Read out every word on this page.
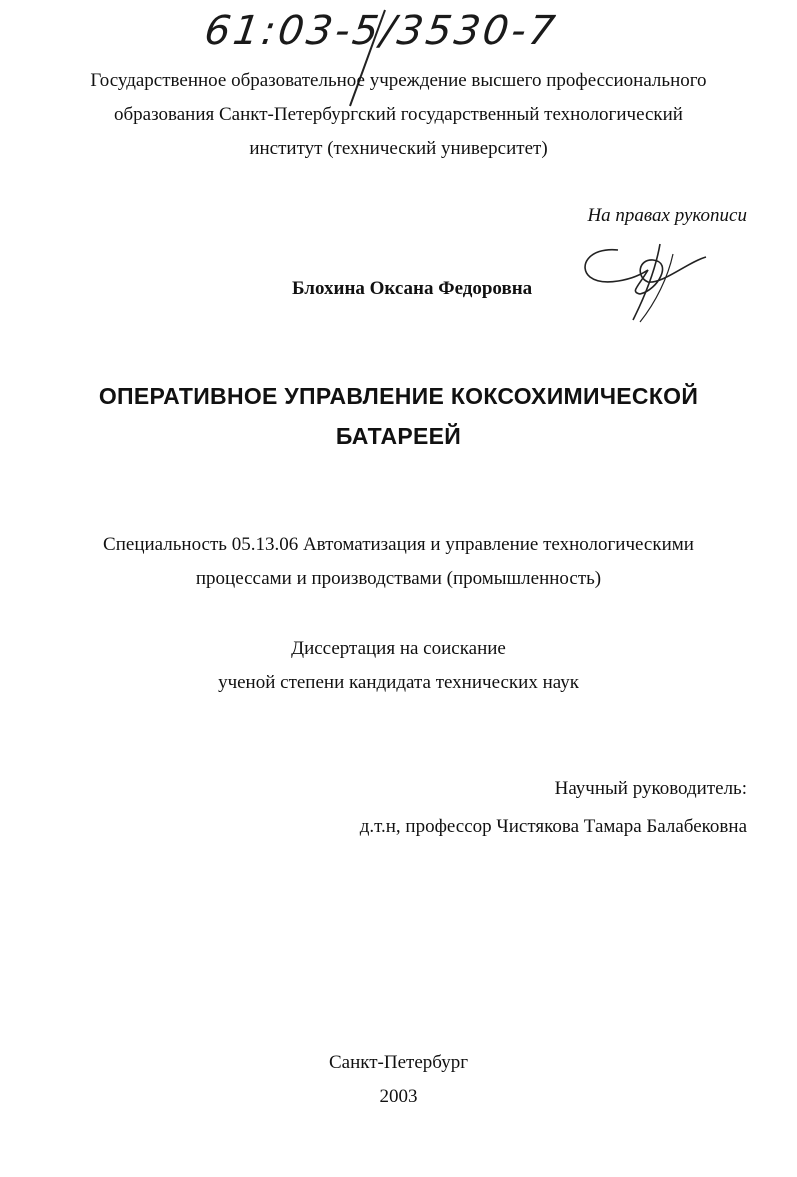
61:03-5/3530-7
Государственное образовательное учреждение высшего профессионального
образования Санкт-Петербургский государственный технологический
институт (технический университет)
На правах рукописи
Блохина Оксана Федоровна
ОПЕРАТИВНОЕ УПРАВЛЕНИЕ КОКСОХИМИЧЕСКОЙ
БАТАРЕЕЙ
Специальность 05.13.06 Автоматизация и управление технологическими
процессами и производствами (промышленность)
Диссертация на соискание
ученой степени кандидата технических наук
Научный руководитель:
д.т.н, профессор Чистякова Тамара Балабековна
Санкт-Петербург
2003
